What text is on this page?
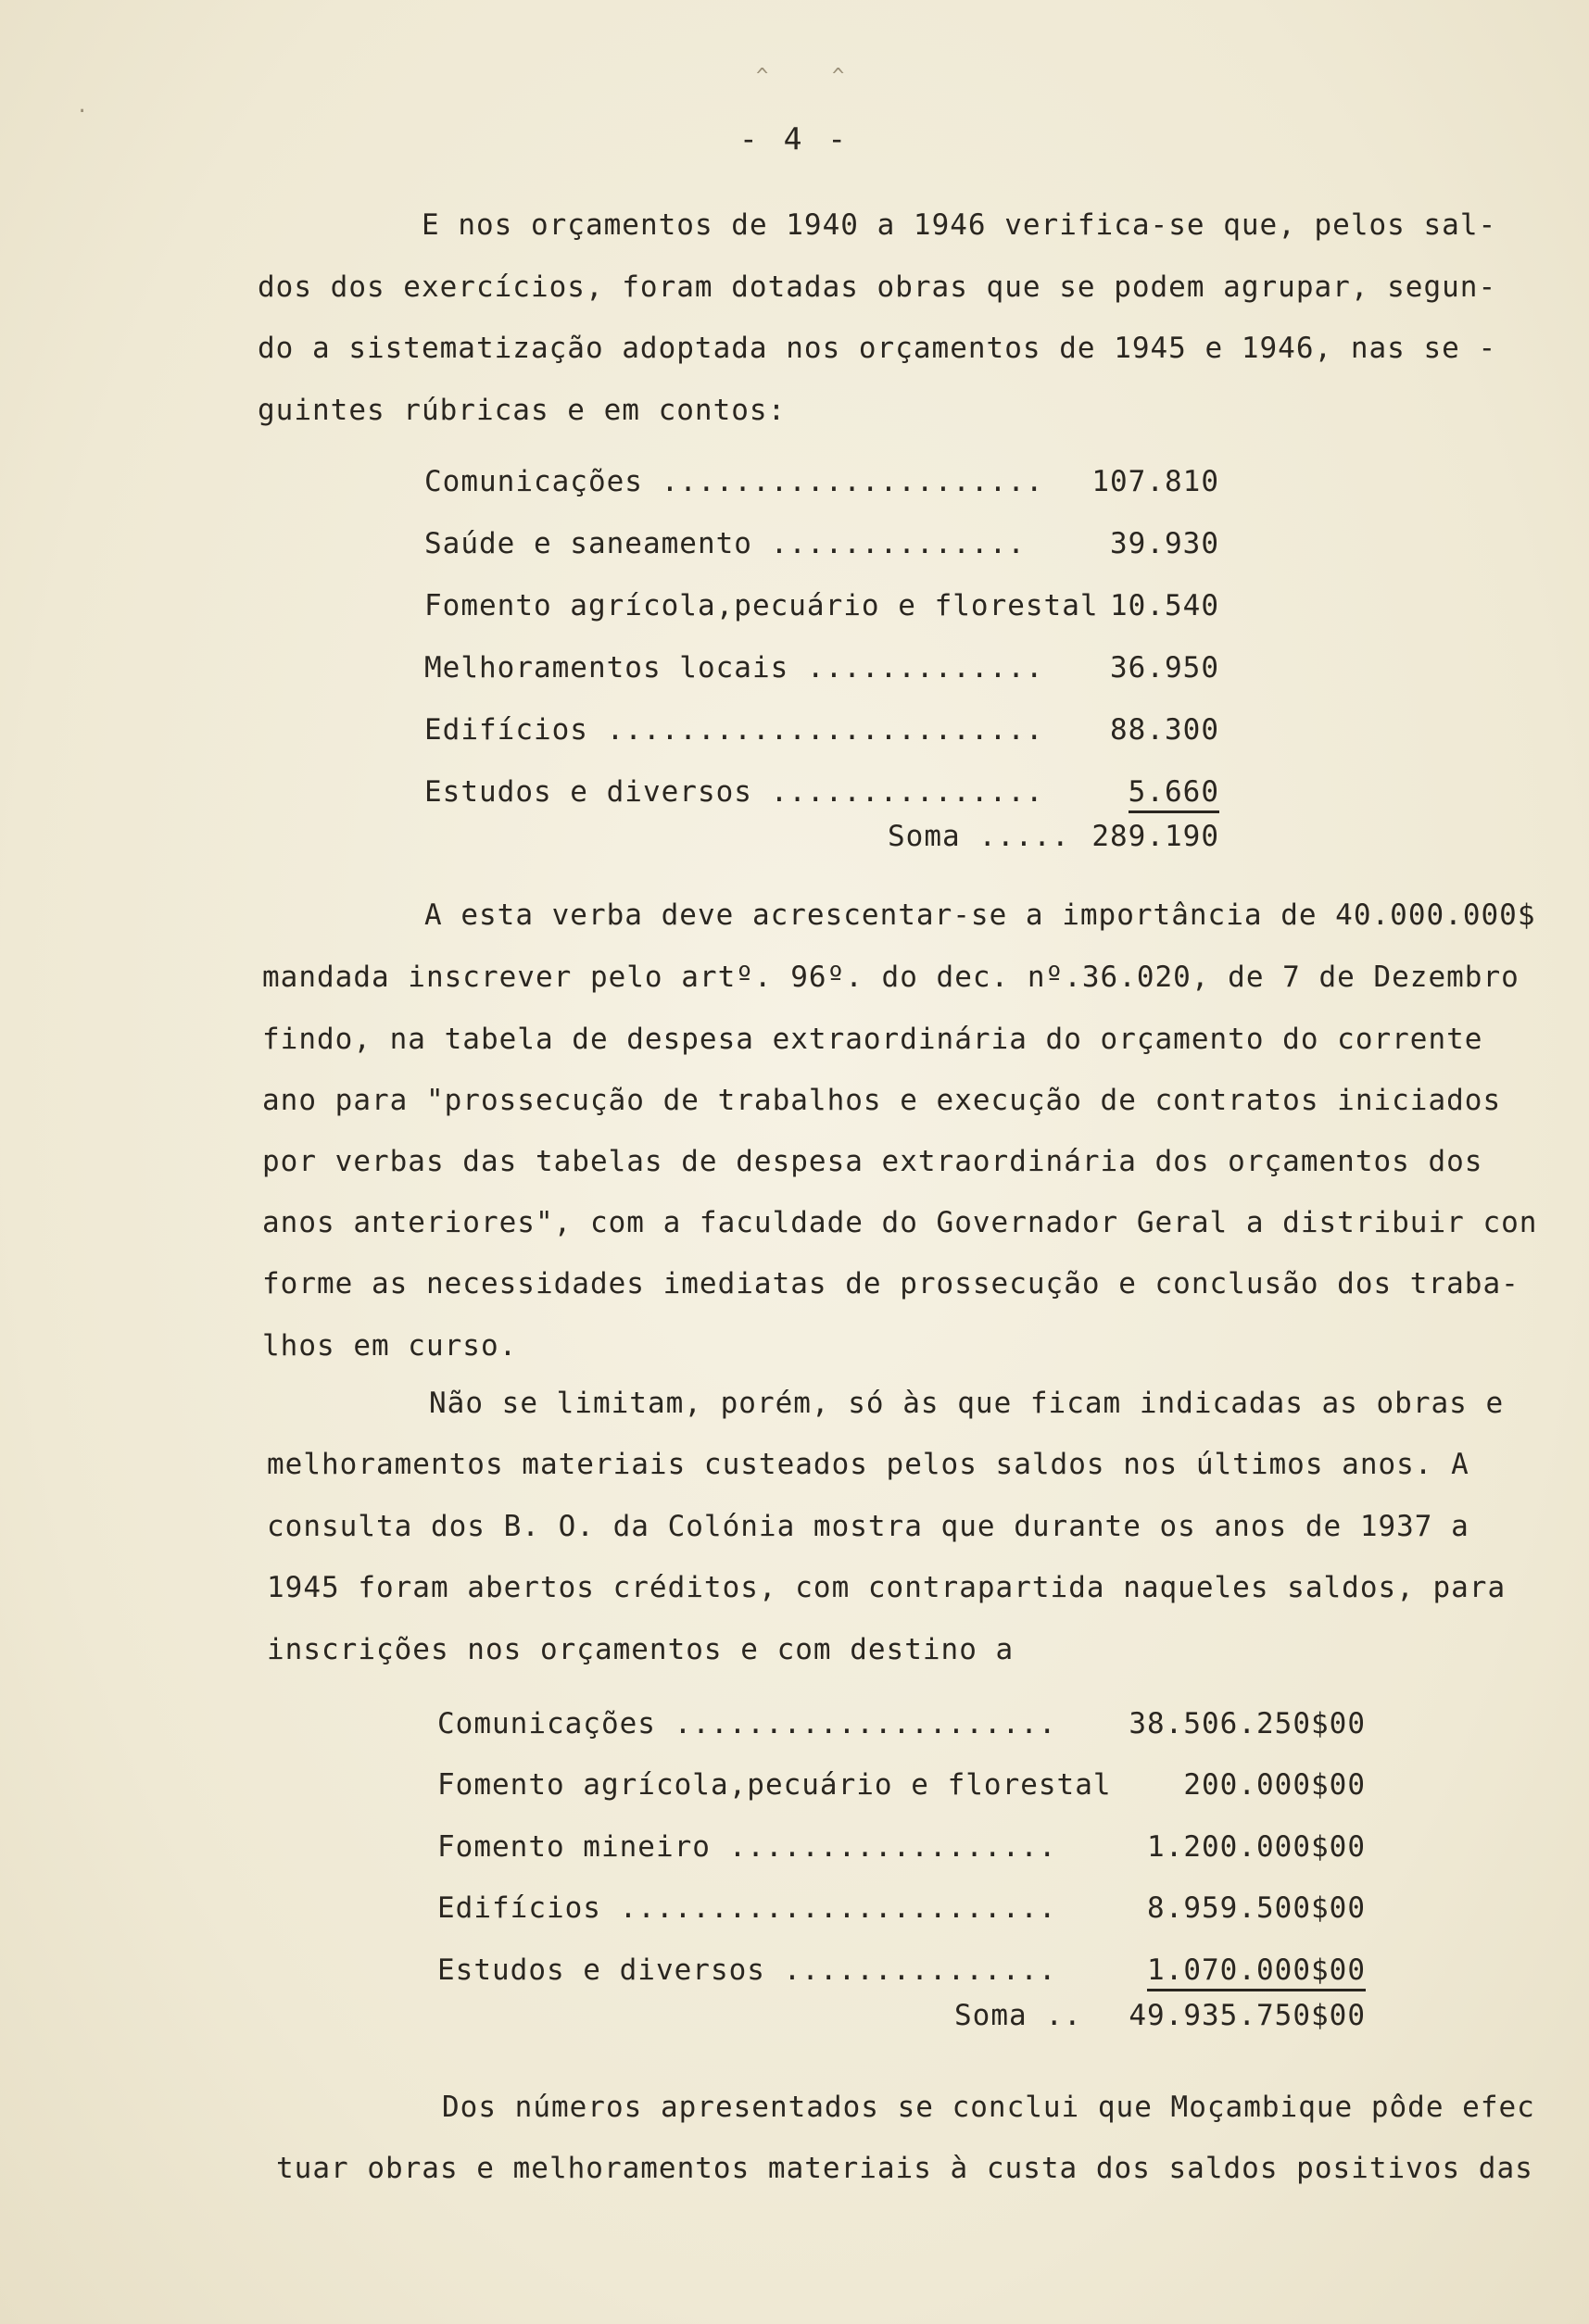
^	^
·
- 4 -
E nos orçamentos de 1940 a 1946 verifica-se que, pelos sal-
dos dos exercícios, foram dotadas obras que se podem agrupar, segun-
do a sistematização adoptada nos orçamentos de 1945 e 1946, nas se -
guintes rúbricas e em contos:
Comunicações .....................	107.810
Saúde e saneamento ..............	39.930
Fomento agrícola,pecuário e florestal 10.540
Melhoramentos locais .............	36.950
Edifícios ........................	88.300
Estudos e diversos ...............	5.660
Soma ..... 289.190
A esta verba deve acrescentar-se a importância de 40.000.000$
mandada inscrever pelo artº. 96º. do dec. nº.36.020, de 7 de Dezembro
findo, na tabela de despesa extraordinária do orçamento do corrente
ano para "prossecução de trabalhos e execução de contratos iniciados
por verbas das tabelas de despesa extraordinária dos orçamentos dos
anos anteriores", com a faculdade do Governador Geral a distribuir con
forme as necessidades imediatas de prossecução e conclusão dos traba-
lhos em curso.
Não se limitam, porém, só às que ficam indicadas as obras e
melhoramentos materiais custeados pelos saldos nos últimos anos. A
consulta dos B. O. da Colónia mostra que durante os anos de 1937 a
1945 foram abertos créditos, com contrapartida naqueles saldos, para
inscrições nos orçamentos e com destino a
Comunicações .....................	38.506.250$00
Fomento agrícola,pecuário e florestal	200.000$00
Fomento mineiro ..................	1.200.000$00
Edifícios ........................	8.959.500$00
Estudos e diversos ...............	1.070.000$00
Soma .. 49.935.750$00
Dos números apresentados se conclui que Moçambique pôde efec
tuar obras e melhoramentos materiais à custa dos saldos positivos das
